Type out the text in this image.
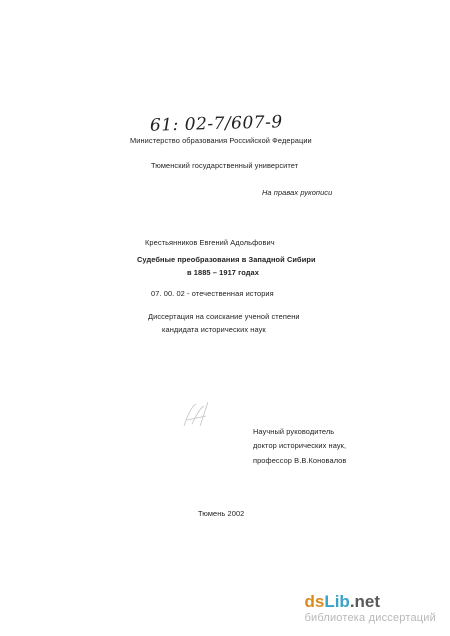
61: 02-7/607-9
Министерство образования Российской Федерации
Тюменский государственный университет
На правах рукописи
Крестьянников Евгений Адольфович
Судебные преобразования в Западной Сибири
в 1885 – 1917 годах
07. 00. 02 - отечественная история
Диссертация на соискание ученой степени
кандидата исторических наук
Научный руководитель
доктор исторических наук,
профессор В.В.Коновалов
Тюмень 2002
ds Lib .net
библиотека диссертаций
